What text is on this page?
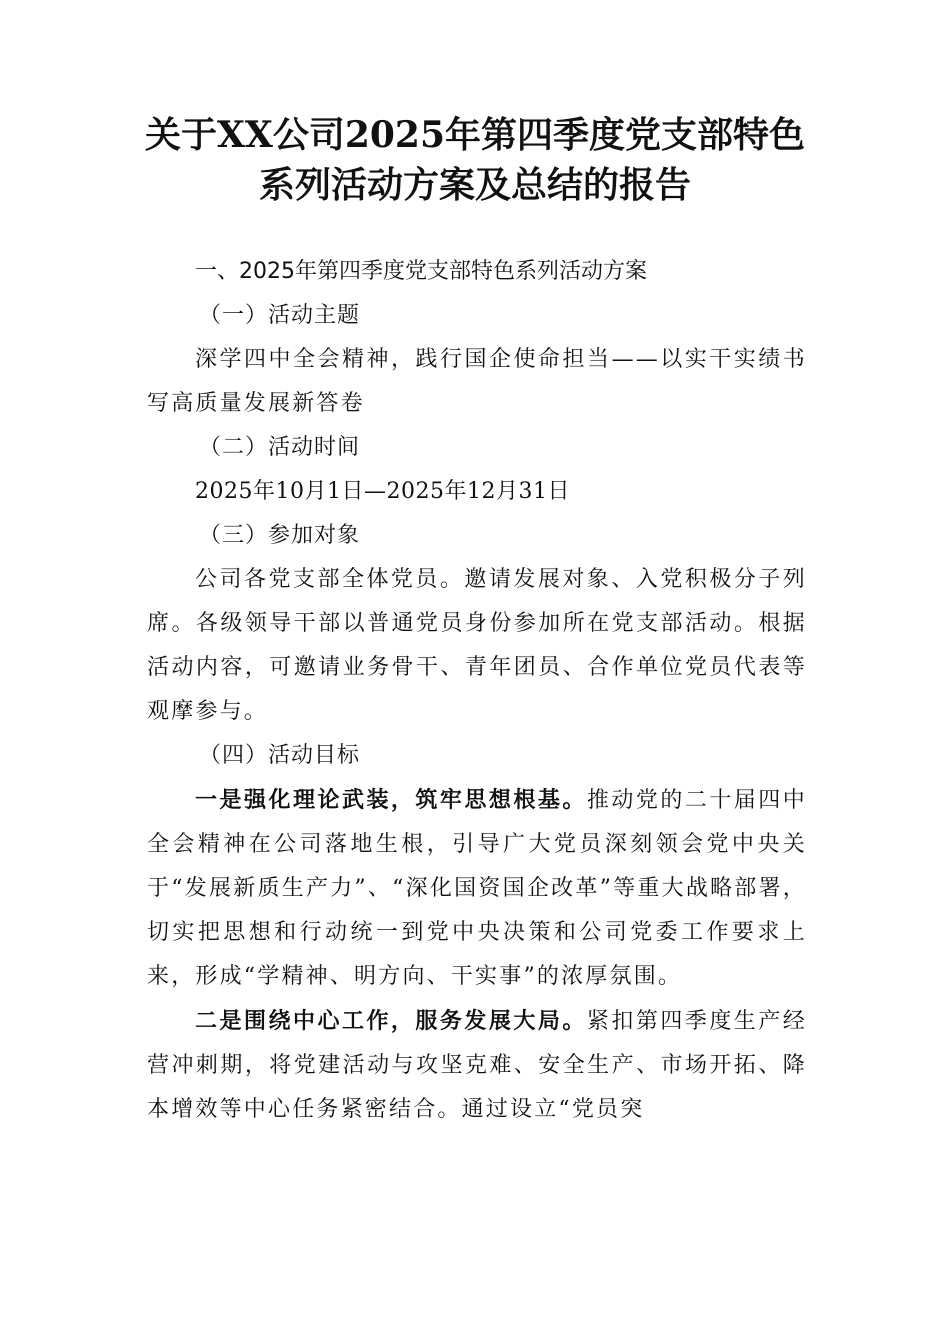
关于XX公司2025年第四季度党支部特色
系列活动方案及总结的报告

一、2025年第四季度党支部特色系列活动方案

（一）活动主题

深学四中全会精神，践行国企使命担当——以实干实绩书写高质量发展新答卷

（二）活动时间

2025年10月1日—2025年12月31日

（三）参加对象

公司各党支部全体党员。邀请发展对象、入党积极分子列席。各级领导干部以普通党员身份参加所在党支部活动。根据活动内容，可邀请业务骨干、青年团员、合作单位党员代表等观摩参与。

（四）活动目标

一是强化理论武装，筑牢思想根基。推动党的二十届四中全会精神在公司落地生根，引导广大党员深刻领会党中央关于“发展新质生产力”、“深化国资国企改革”等重大战略部署，切实把思想和行动统一到党中央决策和公司党委工作要求上来，形成“学精神、明方向、干实事”的浓厚氛围。

二是围绕中心工作，服务发展大局。紧扣第四季度生产经营冲刺期，将党建活动与攻坚克难、安全生产、市场开拓、降本增效等中心任务紧密结合。通过设立“党员突
